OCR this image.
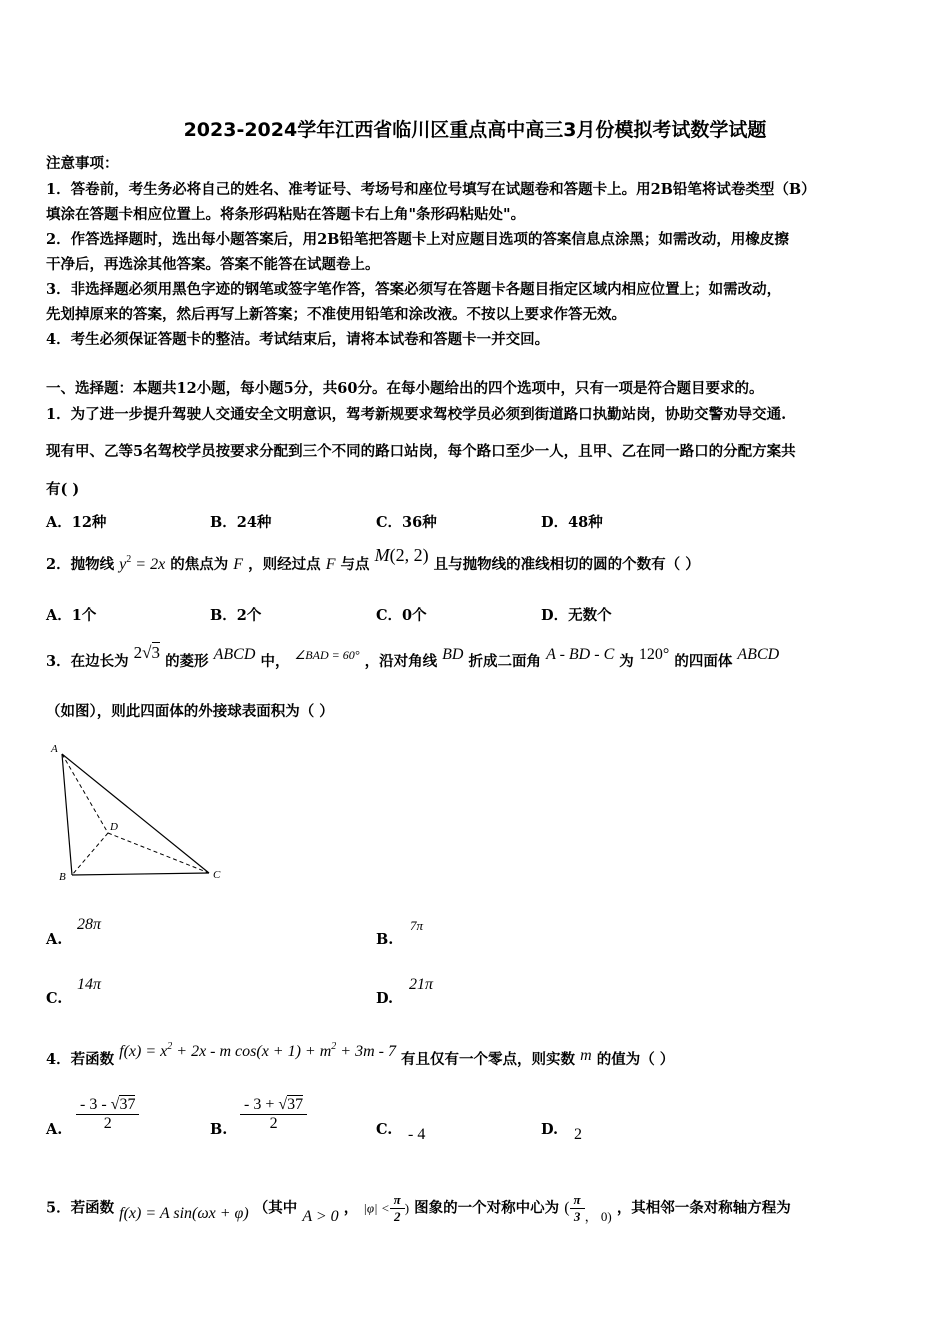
2023-2024学年江西省临川区重点高中高三3月份模拟考试数学试题
注意事项：
1．答卷前，考生务必将自己的姓名、准考证号、考场号和座位号填写在试题卷和答题卡上。用2B铅笔将试卷类型（B）
填涂在答题卡相应位置上。将条形码粘贴在答题卡右上角"条形码粘贴处"。
2．作答选择题时，选出每小题答案后，用2B铅笔把答题卡上对应题目选项的答案信息点涂黑；如需改动，用橡皮擦
干净后，再选涂其他答案。答案不能答在试题卷上。
3．非选择题必须用黑色字迹的钢笔或签字笔作答，答案必须写在答题卡各题目指定区域内相应位置上；如需改动，
先划掉原来的答案，然后再写上新答案；不准使用铅笔和涂改液。不按以上要求作答无效。
4．考生必须保证答题卡的整洁。考试结束后，请将本试卷和答题卡一并交回。
一、选择题：本题共12小题，每小题5分，共60分。在每小题给出的四个选项中，只有一项是符合题目要求的。
1．为了进一步提升驾驶人交通安全文明意识，驾考新规要求驾校学员必须到街道路口执勤站岗，协助交警劝导交通.
现有甲、乙等5名驾校学员按要求分配到三个不同的路口站岗，每个路口至少一人，且甲、乙在同一路口的分配方案共
有( )
A．12种	B．24种	C．36种	D．48种
2．抛物线 $y^2 = 2x$ 的焦点为 F ，则经过点 F 与点 M(2, 2) 且与抛物线的准线相切的圆的个数有（ ）
A．1个	B．2个	C．0个	D．无数个
3．在边长为 2√3 的菱形 ABCD 中， $^{\angle BAD = 60^\circ}$ ，沿对角线 BD 折成二面角 A - BD - C 为 120° 的四面体 ABCD
（如图），则此四面体的外接球表面积为（ ）
A
D
B	C
A.
28π
B.
7π
C.
14π
D.
21π
4．若函数 $f(x) = x^2 + 2x - m$ $\cos(x + 1) + m^2 + 3m - 7$ 有且仅有一个零点，则实数 m 的值为（ ）
A. $\frac{- 3 - √37}{2}$	B. $\frac{- 3 + √37}{2}$	C. - 4	D. 2
5．若函数 f(x) = A sin(ωx + φ) （其中 A > 0 ， $|\varphi| < \frac{\pi}{2}$ ) 图象的一个对称中心为 ( $\frac{\pi}{3}$ ， 0) ，其相邻一条对称轴方程为
